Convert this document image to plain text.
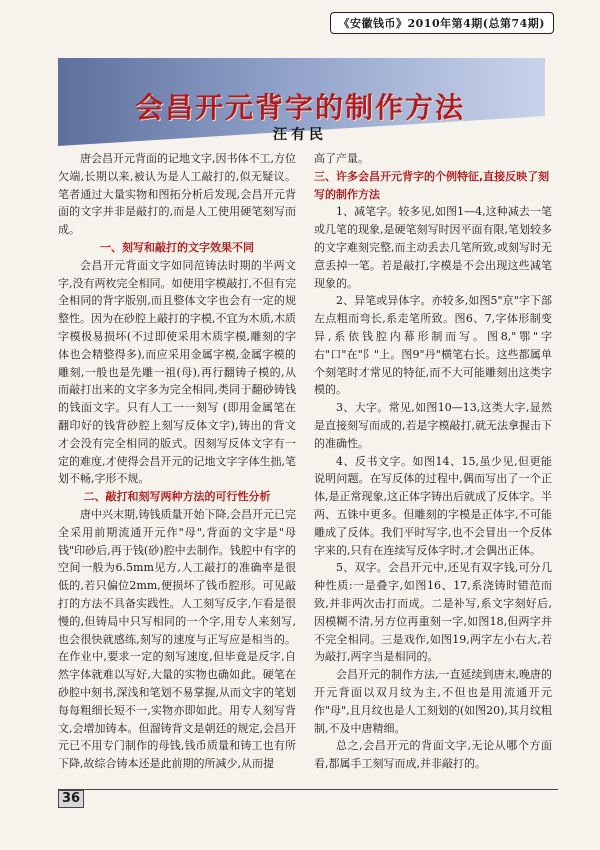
《安徽钱币》2010年第4期(总第74期)
会昌开元背字的制作方法
汪有民

唐会昌开元背面的记地文字,因书体不工,方位欠端,长期以来,被认为是人工敲打的,似无疑议。笔者通过大量实物和图拓分析后发现,会昌开元背面的文字并非是敲打的,而是人工使用硬笔刻写而成。

一、刻写和敲打的文字效果不同

会昌开元背面文字如同范铸法时期的半两文字,没有两枚完全相同。如使用字模敲打,不但有完全相同的背字版别,而且整体文字也会有一定的规整性。因为在砂腔上敲打的字模,不宜为木质,木质字模极易损坏(不过即使采用木质字模,雕刻的字体也会精整得多),而应采用金属字模,金属字模的雕刻,一般也是先雕一祖(母),再行翻铸子模的,从而敲打出来的文字多为完全相同,类同于翻砂铸钱的钱面文字。只有人工一一刻写 (即用金属笔在翻印好的钱背砂腔上刻写反体文字),铸出的背文才会没有完全相同的版式。因刻写反体文字有一定的难度,才使得会昌开元的记地文字字体生拙,笔划不畅,字形不规。

二、敲打和刻写两种方法的可行性分析

唐中兴末期,铸钱质量开始下降,会昌开元已完全采用前期流通开元作"母",背面的文字是"母钱"印砂后,再于钱(砂)腔中去制作。钱腔中有字的空间一般为6.5mm见方,人工敲打的准确率是很低的,若只偏位2mm,便损坏了钱币腔形。可见敲打的方法不具备实践性。人工刻写反字,乍看是很慢的,但铸局中只写相同的一个字,用专人来刻写,也会很快就感练,刻写的速度与正写应是相当的。在作业中,要求一定的刻写速度,但毕竟是反字,自然字体就难以写好,大量的实物也确如此。硬笔在砂腔中刻书,深浅和笔划不易掌握,从而文字的笔划每每粗细长短不一,实物亦即如此。用专人刻写背文,会增加铸本。但溜铸背文是朝廷的规定,会昌开元已不用专门制作的母钱,钱币质量和铸工也有所下降,故综合铸本还是此前期的所减少,从而提

高了产量。

三、许多会昌开元背字的个例特征,直接反映了刻写的制作方法

1、减笔字。较多见,如图1—4,这种减去一笔或几笔的现象,是硬笔刻写时因平面有限,笔划较多的文字难刻完整,而主动丢去几笔所致,或刻写时无意丢掉一笔。若是敲打,字模是不会出现这些减笔现象的。

2、异笔或异体字。亦较多,如图5"京"字下部左点粗而弯长,系走笔所致。图6、7,字体形制变异,系依钱腔内幕形制而写。图8,"鄂"字右"口"在"阝"上。图9"丹"横笔右长。这些都属单个刻笔时才常见的特征,而不大可能雕刻出这类字模的。

3、大字。常见,如图10—13,这类大字,显然是直接刻写而成的,若是字模敲打,就无法拿握击下的准确性。

4、反书文字。如图14、15,虽少见,但更能说明问题。在写反体的过程中,偶而写出了一个正体,是正常现象,这正体字铸出后就成了反体字。半两、五铢中更多。但雕刻的字模是正体字,不可能雕成了反体。我们平时写字,也不会冒出一个反体字来的,只有在连续写反体字时,才会偶出正体。

5、双字。会昌开元中,还见有双字钱,可分几种性质:一是叠字,如图16、17,系浇铸时错范而致,并非两次击打而成。二是补写,系文字刻好后,因模糊不清,另方位再重刻一字,如图18,但两字并不完全相同。三是戏作,如图19,两字左小右大,若为敲打,两字当是相同的。

会昌开元的制作方法,一直延续到唐末,晚唐的开元背面以双月纹为主,不但也是用流通开元作"母",且月纹也是人工刻划的(如图20),其月纹粗制,不及中唐精细。

总之,会昌开元的背面文字,无论从哪个方面看,都属手工刻写而成,并非敲打的。

36
